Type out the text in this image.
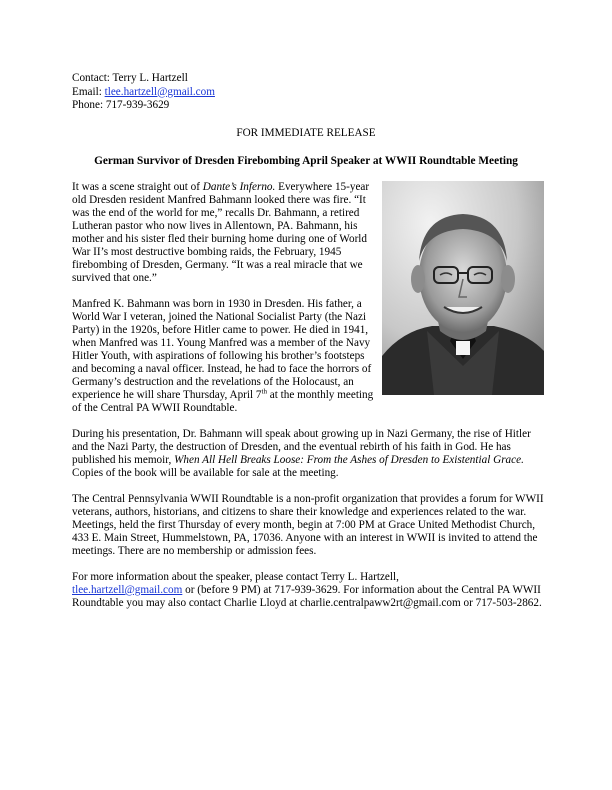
Contact: Terry L. Hartzell
Email: tlee.hartzell@gmail.com
Phone: 717-939-3629
FOR IMMEDIATE RELEASE
German Survivor of Dresden Firebombing April Speaker at WWII Roundtable Meeting

It was a scene straight out of Dante’s Inferno. Everywhere 15-year old Dresden resident Manfred Bahmann looked there was fire. “It was the end of the world for me,” recalls Dr. Bahmann, a retired Lutheran pastor who now lives in Allentown, PA. Bahmann, his mother and his sister fled their burning home during one of World War II’s most destructive bombing raids, the February, 1945 firebombing of Dresden, Germany. “It was a real miracle that we survived that one.”

Manfred K. Bahmann was born in 1930 in Dresden. His father, a World War I veteran, joined the National Socialist Party (the Nazi Party) in the 1920s, before Hitler came to power. He died in 1941, when Manfred was 11. Young Manfred was a member of the Navy Hitler Youth, with aspirations of following his brother’s footsteps and becoming a naval officer. Instead, he had to face the horrors of Germany’s destruction and the revelations of the Holocaust, an experience he will share Thursday, April 7th at the monthly meeting of the Central PA WWII Roundtable.

During his presentation, Dr. Bahmann will speak about growing up in Nazi Germany, the rise of Hitler and the Nazi Party, the destruction of Dresden, and the eventual rebirth of his faith in God. He has published his memoir, When All Hell Breaks Loose: From the Ashes of Dresden to Existential Grace. Copies of the book will be available for sale at the meeting.

The Central Pennsylvania WWII Roundtable is a non-profit organization that provides a forum for WWII veterans, authors, historians, and citizens to share their knowledge and experiences related to the war. Meetings, held the first Thursday of every month, begin at 7:00 PM at Grace United Methodist Church, 433 E. Main Street, Hummelstown, PA, 17036. Anyone with an interest in WWII is invited to attend the meetings. There are no membership or admission fees.

For more information about the speaker, please contact Terry L. Hartzell,
tlee.hartzell@gmail.com or (before 9 PM) at 717-939-3629. For information about the Central PA WWII Roundtable you may also contact Charlie Lloyd at charlie.centralpaww2rt@gmail.com or 717-503-2862.
